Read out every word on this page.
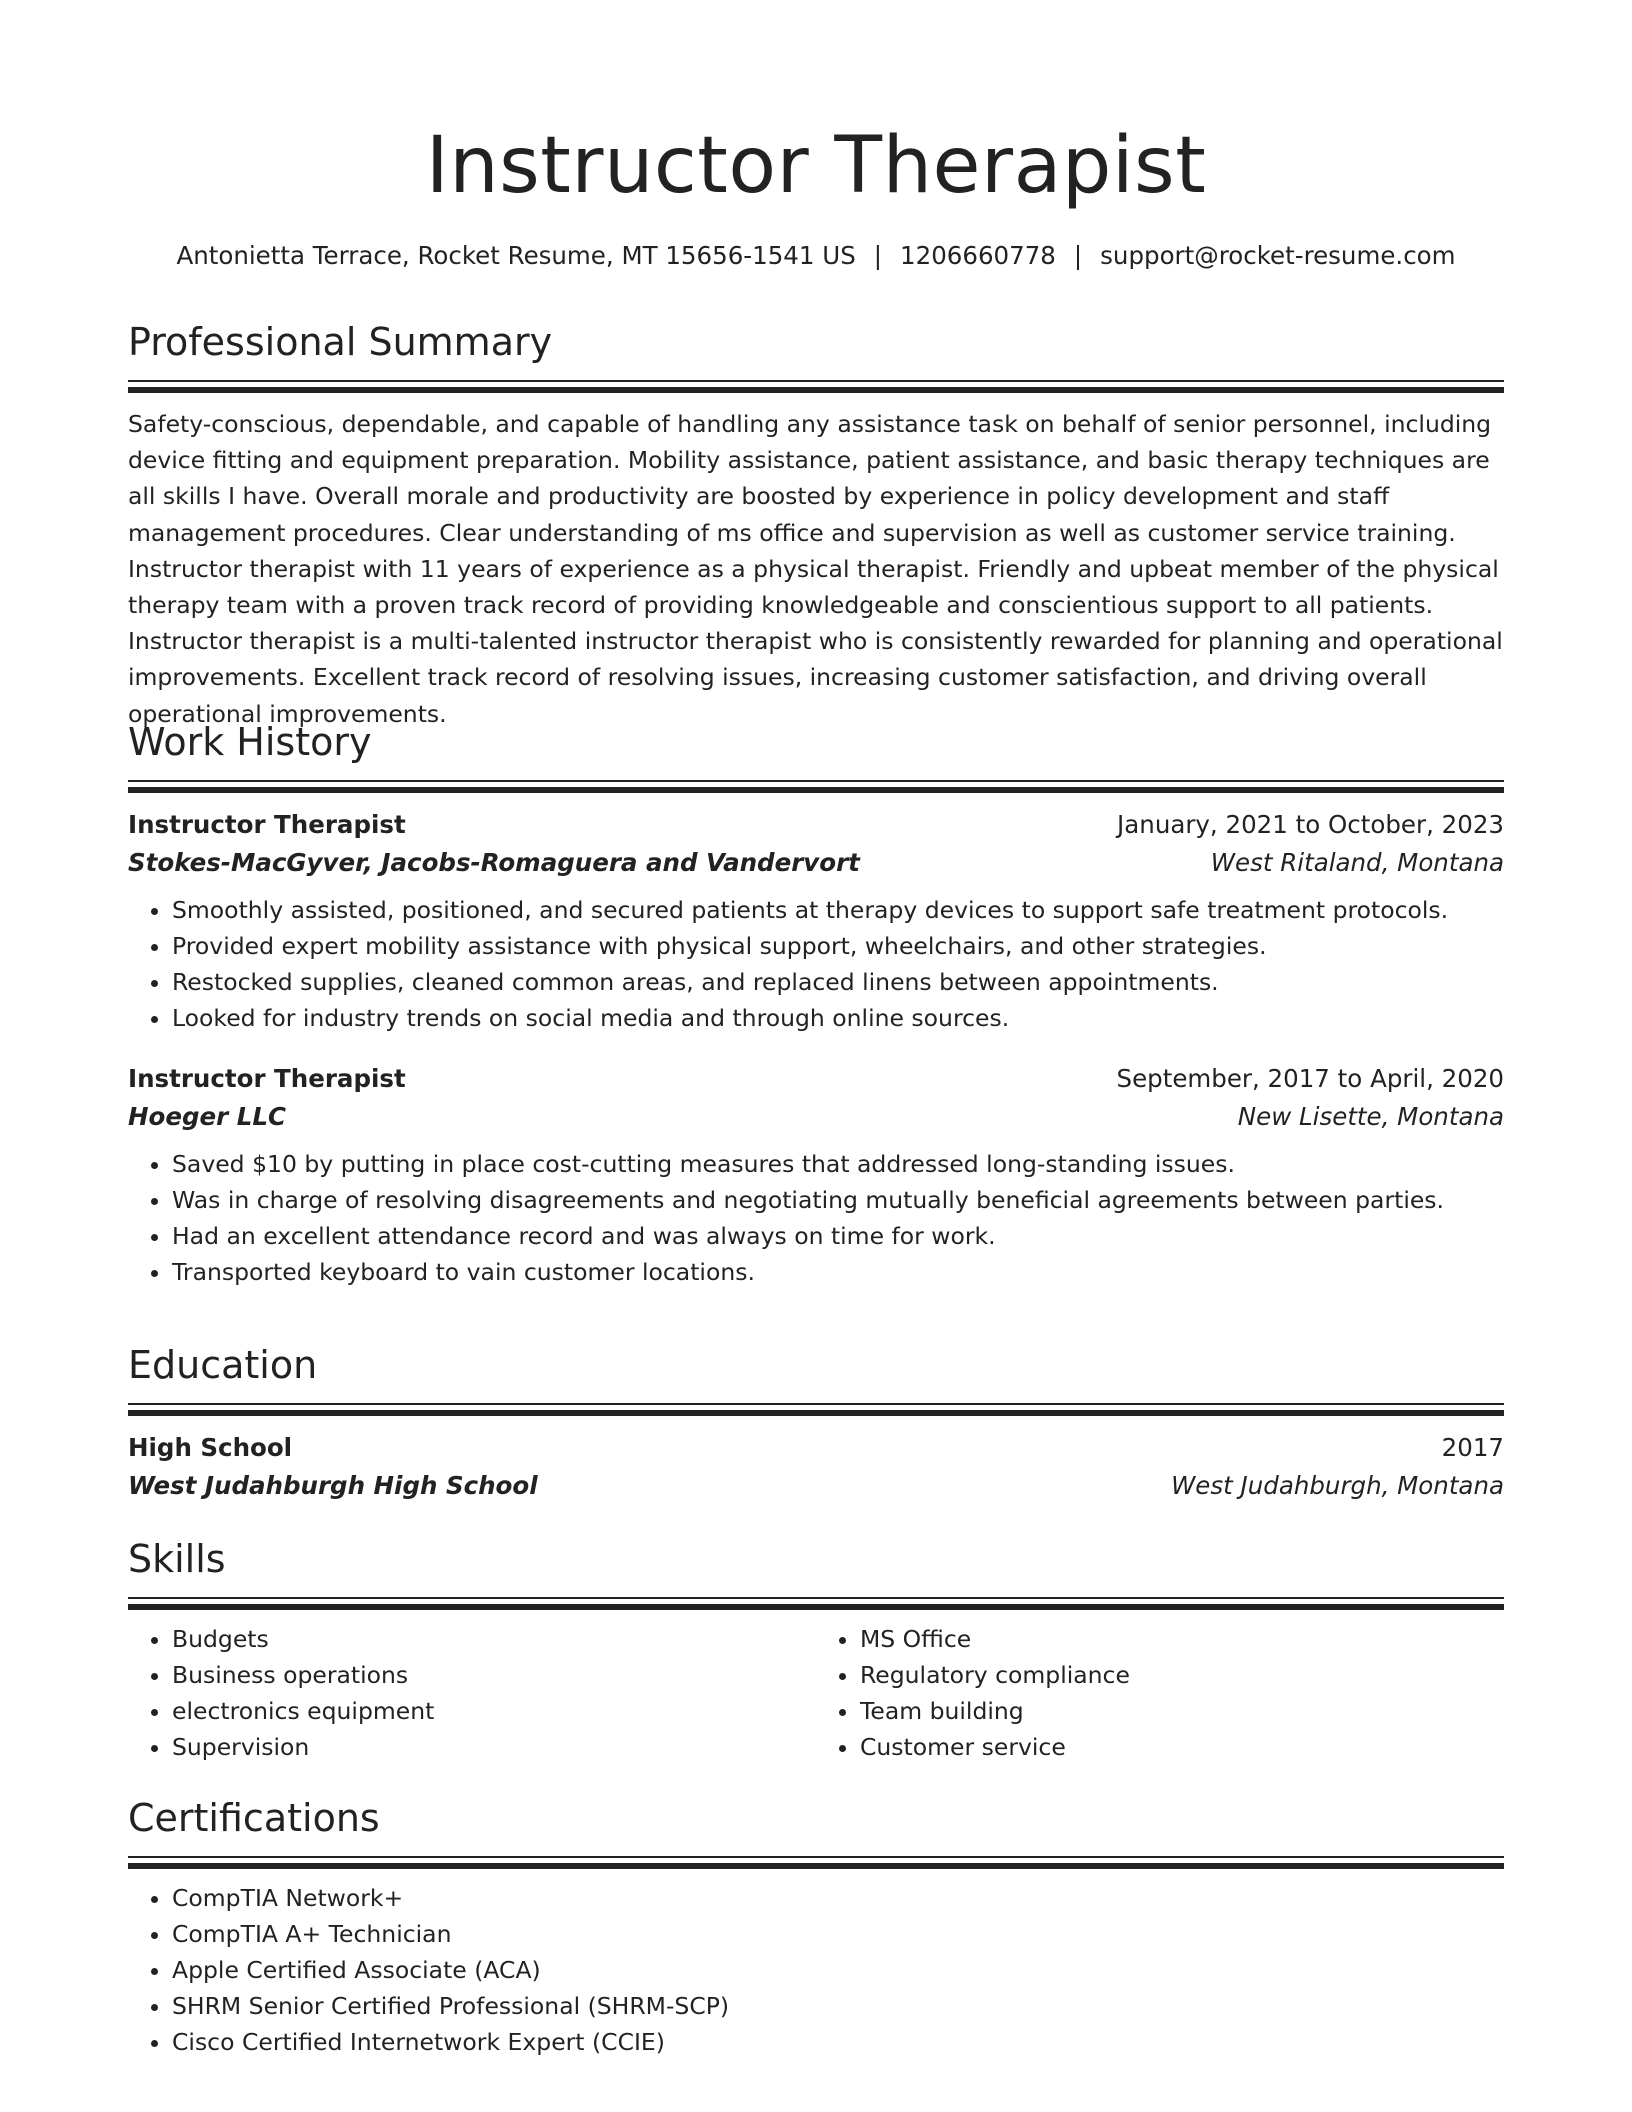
Instructor Therapist
Antonietta Terrace, Rocket Resume, MT 15656-1541 US | 1206660778 | support@rocket-resume.com
Professional Summary

Safety-conscious, dependable, and capable of handling any assistance task on behalf of senior personnel, including device fitting and equipment preparation. Mobility assistance, patient assistance, and basic therapy techniques are all skills I have. Overall morale and productivity are boosted by experience in policy development and staff management procedures. Clear understanding of ms office and supervision as well as customer service training. Instructor therapist with 11 years of experience as a physical therapist. Friendly and upbeat member of the physical therapy team with a proven track record of providing knowledgeable and conscientious support to all patients. Instructor therapist is a multi-talented instructor therapist who is consistently rewarded for planning and operational improvements. Excellent track record of resolving issues, increasing customer satisfaction, and driving overall operational improvements.

Work History
Instructor Therapist	January, 2021 to October, 2023
Stokes-MacGyver, Jacobs-Romaguera and Vandervort	West Ritaland, Montana
• Smoothly assisted, positioned, and secured patients at therapy devices to support safe treatment protocols.
• Provided expert mobility assistance with physical support, wheelchairs, and other strategies.
• Restocked supplies, cleaned common areas, and replaced linens between appointments.
• Looked for industry trends on social media and through online sources.
Instructor Therapist	September, 2017 to April, 2020
Hoeger LLC	New Lisette, Montana
• Saved $10 by putting in place cost-cutting measures that addressed long-standing issues.
• Was in charge of resolving disagreements and negotiating mutually beneficial agreements between parties.
• Had an excellent attendance record and was always on time for work.
• Transported keyboard to vain customer locations.
Education
High School	2017
West Judahburgh High School	West Judahburgh, Montana
Skills
• Budgets
• Business operations
• electronics equipment
• Supervision
• MS Office
• Regulatory compliance
• Team building
• Customer service
Certifications
• CompTIA Network+
• CompTIA A+ Technician
• Apple Certified Associate (ACA)
• SHRM Senior Certified Professional (SHRM-SCP)
• Cisco Certified Internetwork Expert (CCIE)
